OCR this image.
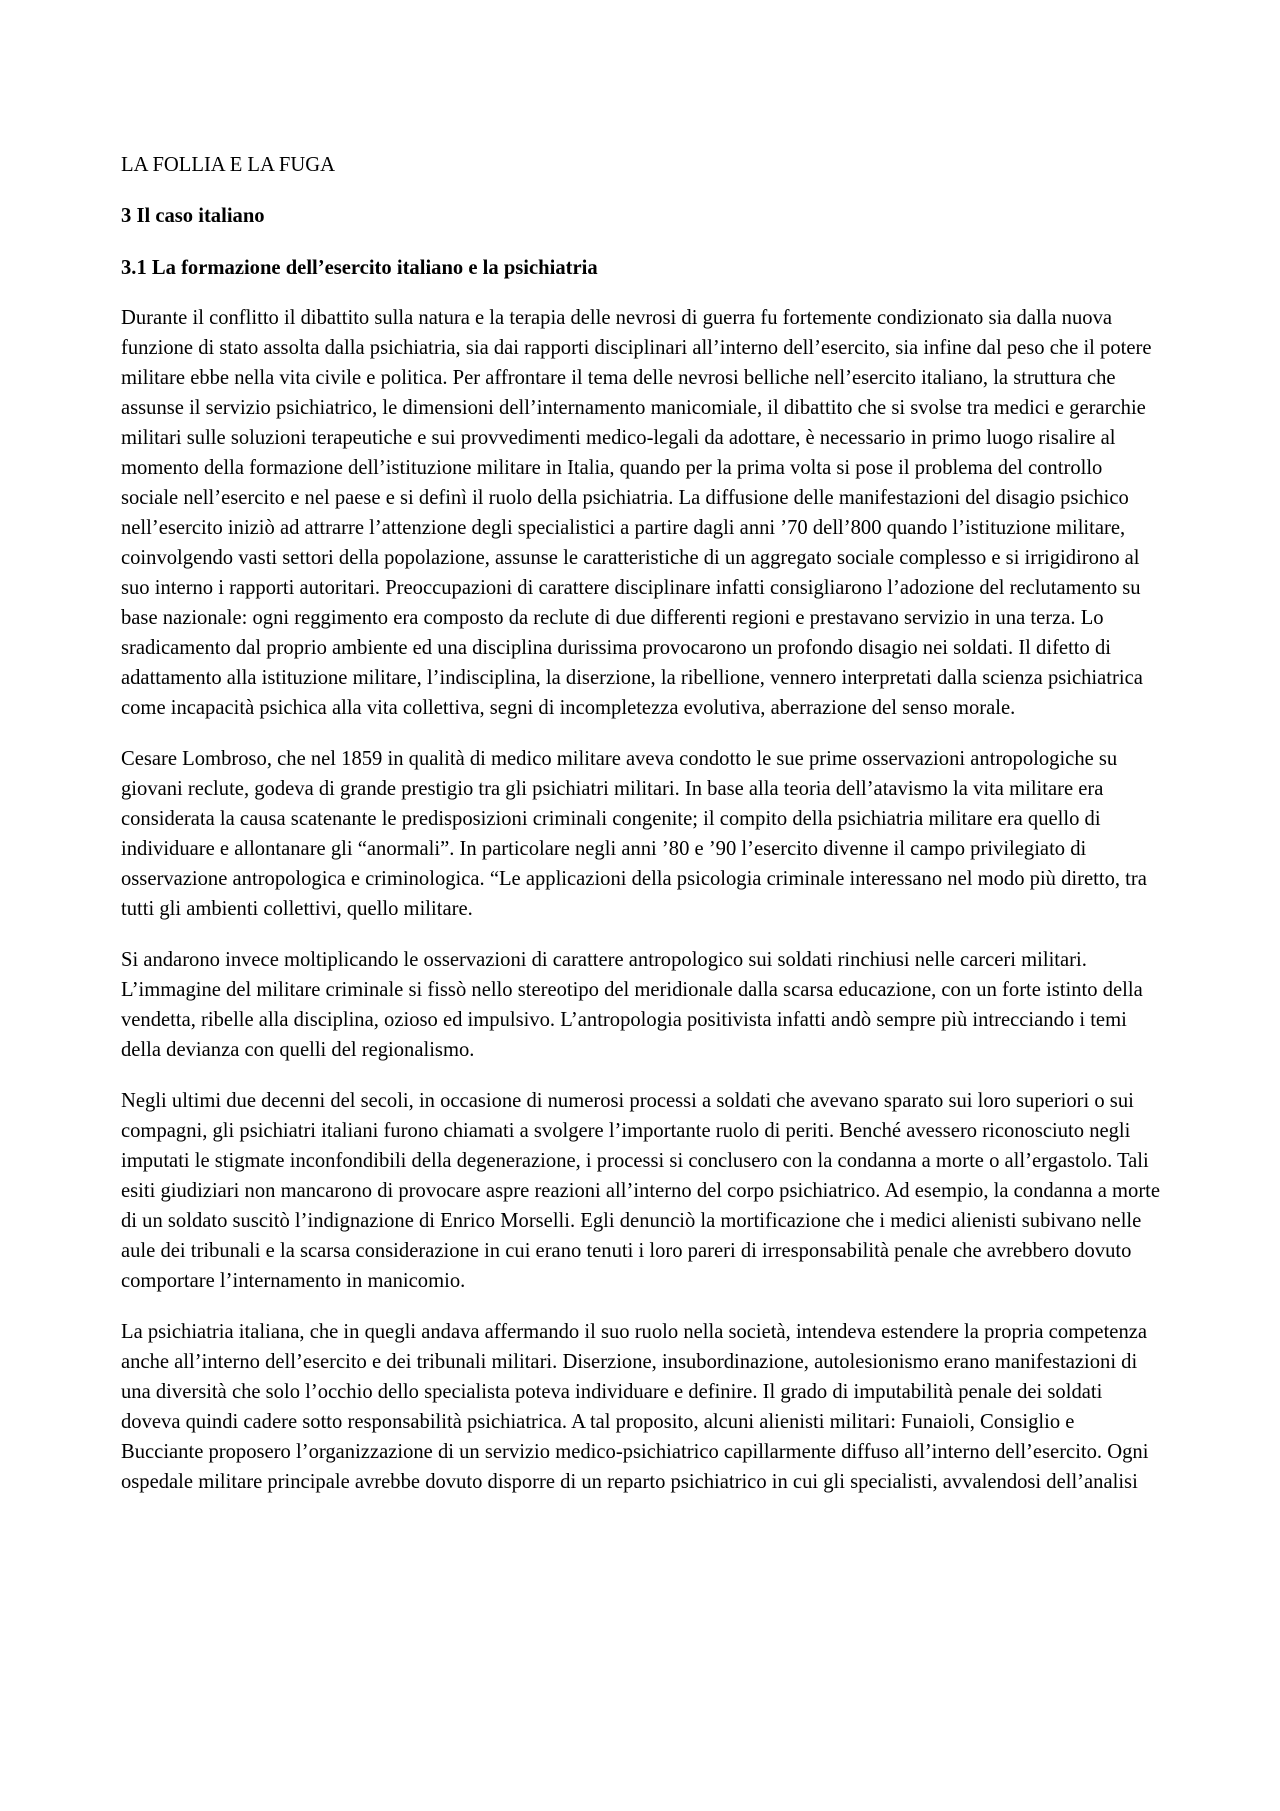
LA FOLLIA E LA FUGA
3 Il caso italiano
3.1 La formazione dell’esercito italiano e la psichiatria

Durante il conflitto il dibattito sulla natura e la terapia delle nevrosi di guerra fu fortemente condizionato sia dalla nuova funzione di stato assolta dalla psichiatria, sia dai rapporti disciplinari all’interno dell’esercito, sia infine dal peso che il potere militare ebbe nella vita civile e politica. Per affrontare il tema delle nevrosi belliche nell’esercito italiano, la struttura che assunse il servizio psichiatrico, le dimensioni dell’internamento manicomiale, il dibattito che si svolse tra medici e gerarchie militari sulle soluzioni terapeutiche e sui provvedimenti medico-legali da adottare, è necessario in primo luogo risalire al momento della formazione dell’istituzione militare in Italia, quando per la prima volta si pose il problema del controllo sociale nell’esercito e nel paese e si definì il ruolo della psichiatria. La diffusione delle manifestazioni del disagio psichico nell’esercito iniziò ad attrarre l’attenzione degli specialistici a partire dagli anni ’70 dell’800 quando l’istituzione militare, coinvolgendo vasti settori della popolazione, assunse le caratteristiche di un aggregato sociale complesso e si irrigidirono al suo interno i rapporti autoritari. Preoccupazioni di carattere disciplinare infatti consigliarono l’adozione del reclutamento su base nazionale: ogni reggimento era composto da reclute di due differenti regioni e prestavano servizio in una terza. Lo sradicamento dal proprio ambiente ed una disciplina durissima provocarono un profondo disagio nei soldati. Il difetto di adattamento alla istituzione militare, l’indisciplina, la diserzione, la ribellione, vennero interpretati dalla scienza psichiatrica come incapacità psichica alla vita collettiva, segni di incompletezza evolutiva, aberrazione del senso morale.

Cesare Lombroso, che nel 1859 in qualità di medico militare aveva condotto le sue prime osservazioni antropologiche su giovani reclute, godeva di grande prestigio tra gli psichiatri militari. In base alla teoria dell’atavismo la vita militare era considerata la causa scatenante le predisposizioni criminali congenite; il compito della psichiatria militare era quello di individuare e allontanare gli “anormali”. In particolare negli anni ’80 e ’90 l’esercito divenne il campo privilegiato di osservazione antropologica e criminologica. “Le applicazioni della psicologia criminale interessano nel modo più diretto, tra tutti gli ambienti collettivi, quello militare.

Si andarono invece moltiplicando le osservazioni di carattere antropologico sui soldati rinchiusi nelle carceri militari. L’immagine del militare criminale si fissò nello stereotipo del meridionale dalla scarsa educazione, con un forte istinto della vendetta, ribelle alla disciplina, ozioso ed impulsivo. L’antropologia positivista infatti andò sempre più intrecciando i temi della devianza con quelli del regionalismo.

Negli ultimi due decenni del secoli, in occasione di numerosi processi a soldati che avevano sparato sui loro superiori o sui compagni, gli psichiatri italiani furono chiamati a svolgere l’importante ruolo di periti. Benché avessero riconosciuto negli imputati le stigmate inconfondibili della degenerazione, i processi si conclusero con la condanna a morte o all’ergastolo. Tali esiti giudiziari non mancarono di provocare aspre reazioni all’interno del corpo psichiatrico. Ad esempio, la condanna a morte di un soldato suscitò l’indignazione di Enrico Morselli. Egli denunciò la mortificazione che i medici alienisti subivano nelle aule dei tribunali e la scarsa considerazione in cui erano tenuti i loro pareri di irresponsabilità penale che avrebbero dovuto comportare l’internamento in manicomio.

La psichiatria italiana, che in quegli andava affermando il suo ruolo nella società, intendeva estendere la propria competenza anche all’interno dell’esercito e dei tribunali militari. Diserzione, insubordinazione, autolesionismo erano manifestazioni di una diversità che solo l’occhio dello specialista poteva individuare e definire. Il grado di imputabilità penale dei soldati doveva quindi cadere sotto responsabilità psichiatrica. A tal proposito, alcuni alienisti militari: Funaioli, Consiglio e Bucciante proposero l’organizzazione di un servizio medico-psichiatrico capillarmente diffuso all’interno dell’esercito. Ogni ospedale militare principale avrebbe dovuto disporre di un reparto psichiatrico in cui gli specialisti, avvalendosi dell’analisi
